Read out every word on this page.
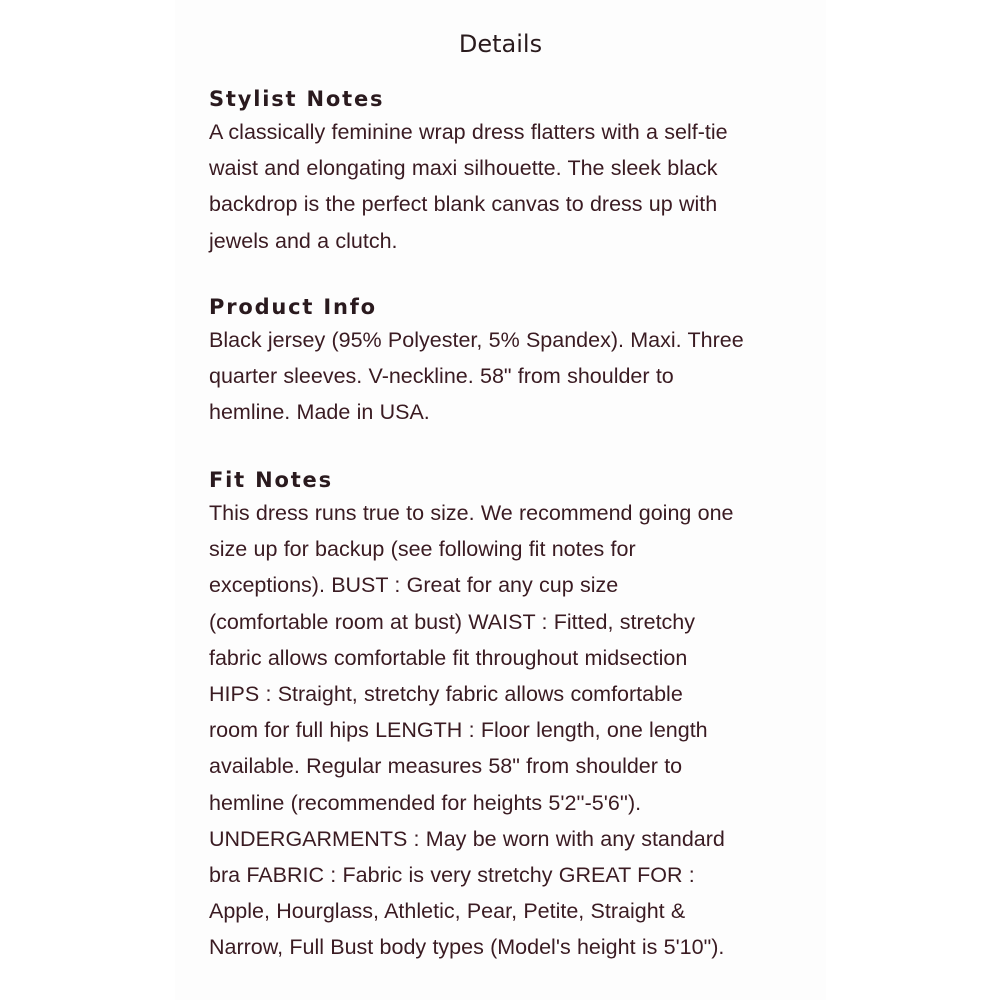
Details
Stylist Notes

A classically feminine wrap dress flatters with a self-tie
waist and elongating maxi silhouette. The sleek black
backdrop is the perfect blank canvas to dress up with
jewels and a clutch.

Product Info

Black jersey (95% Polyester, 5% Spandex). Maxi. Three
quarter sleeves. V-neckline. 58" from shoulder to
hemline. Made in USA.

Fit Notes

This dress runs true to size. We recommend going one
size up for backup (see following fit notes for
exceptions). BUST : Great for any cup size
(comfortable room at bust) WAIST : Fitted, stretchy
fabric allows comfortable fit throughout midsection
HIPS : Straight, stretchy fabric allows comfortable
room for full hips LENGTH : Floor length, one length
available. Regular measures 58" from shoulder to
hemline (recommended for heights 5'2''-5'6'').
UNDERGARMENTS : May be worn with any standard
bra FABRIC : Fabric is very stretchy GREAT FOR :
Apple, Hourglass, Athletic, Pear, Petite, Straight &
Narrow, Full Bust body types (Model's height is 5'10").
